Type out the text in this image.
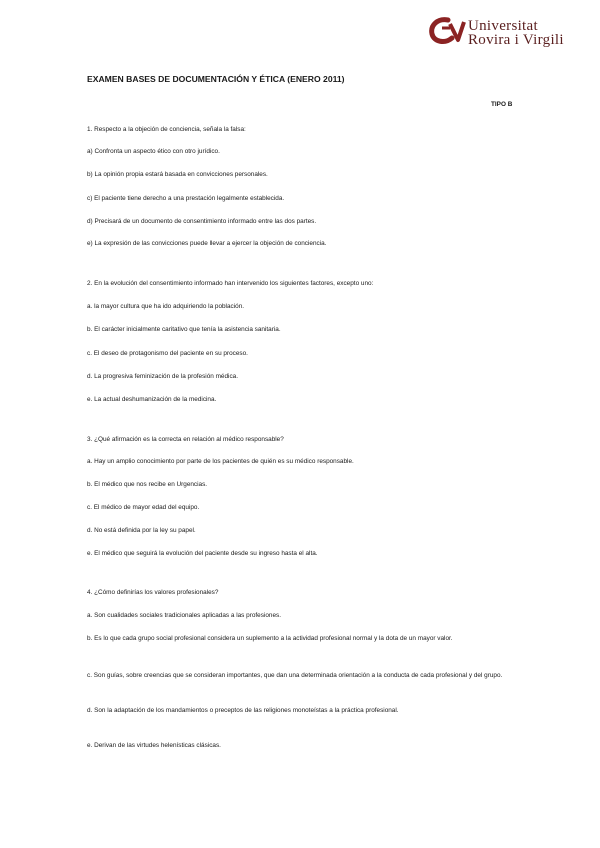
Universitat
Rovira i Virgili
EXAMEN BASES DE DOCUMENTACIÓN Y ÉTICA (ENERO 2011)
TIPO B
1. Respecto a la objeción de conciencia, señala la falsa:
a) Confronta un aspecto ético con otro jurídico.
b) La opinión propia estará basada en convicciones personales.
c) El paciente tiene derecho a una prestación legalmente establecida.
d) Precisará de un documento de consentimiento informado entre las dos partes.
e) La expresión de las convicciones puede llevar a ejercer la objeción de conciencia.
2. En la evolución del consentimiento informado han intervenido los siguientes factores, excepto uno:
a. la mayor cultura que ha ido adquiriendo la población.
b. El carácter inicialmente caritativo que tenía la asistencia sanitaria.
c. El deseo de protagonismo del paciente en su proceso.
d. La progresiva feminización de la profesión médica.
e. La actual deshumanización de la medicina.
3. ¿Qué afirmación es la correcta en relación al médico responsable?
a. Hay un amplio conocimiento por parte de los pacientes de quién es su médico responsable.
b. El médico que nos recibe en Urgencias.
c. El médico de mayor edad del equipo.
d. No está definida por la ley su papel.
e. El médico que seguirá la evolución del paciente desde su ingreso hasta el alta.
4. ¿Cómo definirías los valores profesionales?
a. Son cualidades sociales tradicionales aplicadas a las profesiones.
b. Es lo que cada grupo social profesional considera un suplemento a la actividad profesional normal y la dota de un mayor valor.
c. Son guías, sobre creencias que se consideran importantes, que dan una determinada orientación a la conducta de cada profesional y del grupo.
d. Son la adaptación de los mandamientos o preceptos de las religiones monoteístas a la práctica profesional.
e. Derivan de las virtudes helenísticas clásicas.
